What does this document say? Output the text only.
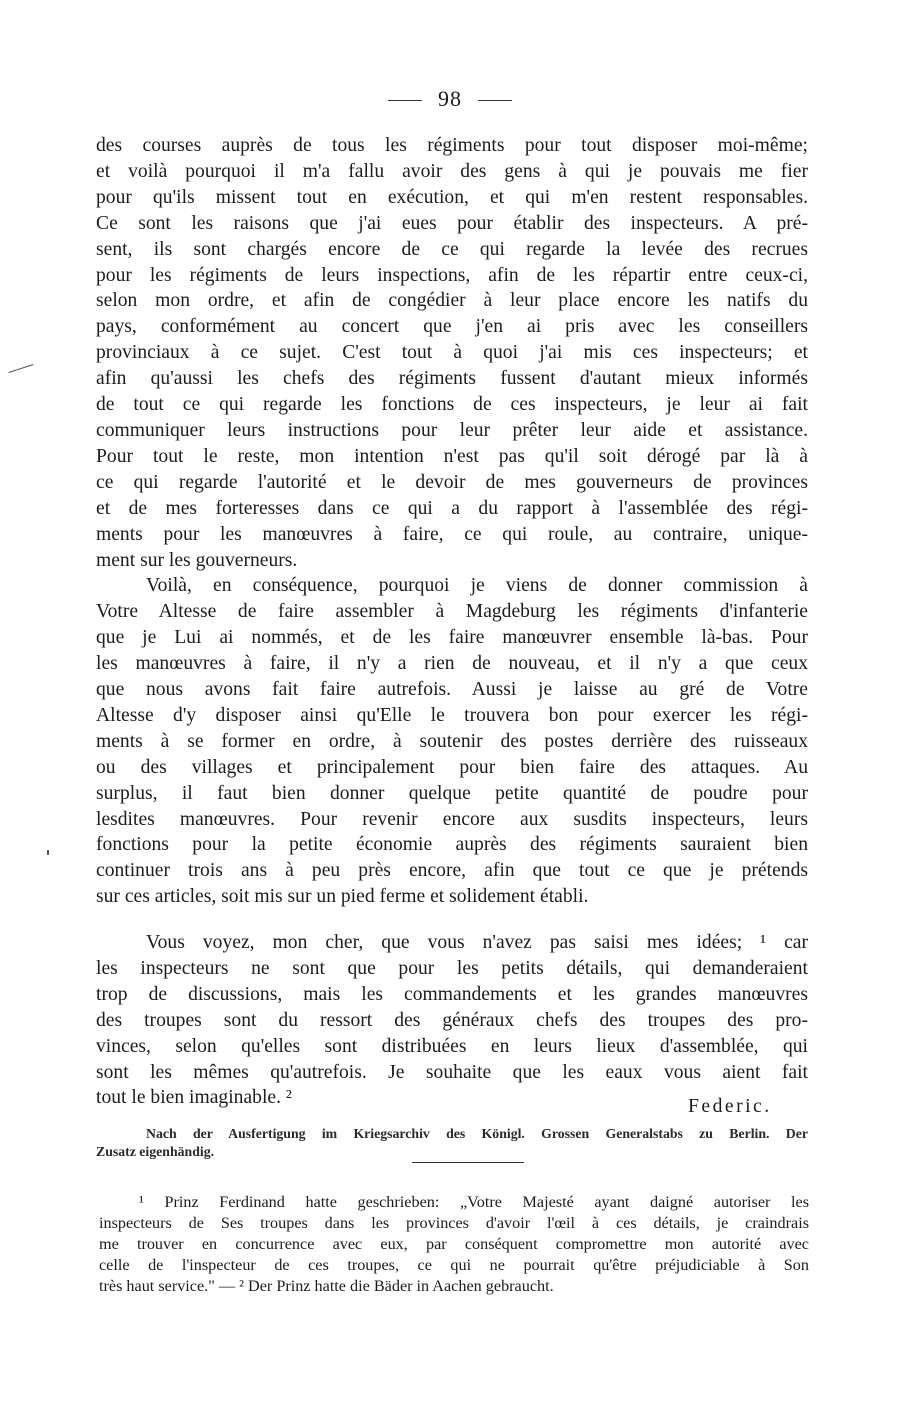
98
des courses auprès de tous les régiments pour tout disposer moi-même;
et voilà pourquoi il m'a fallu avoir des gens à qui je pouvais me fier
pour qu'ils missent tout en exécution, et qui m'en restent responsables.
Ce sont les raisons que j'ai eues pour établir des inspecteurs. A pré-
sent, ils sont chargés encore de ce qui regarde la levée des recrues
pour les régiments de leurs inspections, afin de les répartir entre ceux-ci,
selon mon ordre, et afin de congédier à leur place encore les natifs du
pays, conformément au concert que j'en ai pris avec les conseillers
provinciaux à ce sujet. C'est tout à quoi j'ai mis ces inspecteurs; et
afin qu'aussi les chefs des régiments fussent d'autant mieux informés
de tout ce qui regarde les fonctions de ces inspecteurs, je leur ai fait
communiquer leurs instructions pour leur prêter leur aide et assistance.
Pour tout le reste, mon intention n'est pas qu'il soit dérogé par là à
ce qui regarde l'autorité et le devoir de mes gouverneurs de provinces
et de mes forteresses dans ce qui a du rapport à l'assemblée des régi-
ments pour les manœuvres à faire, ce qui roule, au contraire, unique-
ment sur les gouverneurs.
Voilà, en conséquence, pourquoi je viens de donner commission à
Votre Altesse de faire assembler à Magdeburg les régiments d'infanterie
que je Lui ai nommés, et de les faire manœuvrer ensemble là-bas. Pour
les manœuvres à faire, il n'y a rien de nouveau, et il n'y a que ceux
que nous avons fait faire autrefois. Aussi je laisse au gré de Votre
Altesse d'y disposer ainsi qu'Elle le trouvera bon pour exercer les régi-
ments à se former en ordre, à soutenir des postes derrière des ruisseaux
ou des villages et principalement pour bien faire des attaques. Au
surplus, il faut bien donner quelque petite quantité de poudre pour
lesdites manœuvres. Pour revenir encore aux susdits inspecteurs, leurs
fonctions pour la petite économie auprès des régiments sauraient bien
continuer trois ans à peu près encore, afin que tout ce que je prétends
sur ces articles, soit mis sur un pied ferme et solidement établi.
Vous voyez, mon cher, que vous n'avez pas saisi mes idées; ¹ car
les inspecteurs ne sont que pour les petits détails, qui demanderaient
trop de discussions, mais les commandements et les grandes manœuvres
des troupes sont du ressort des généraux chefs des troupes des pro-
vinces, selon qu'elles sont distribuées en leurs lieux d'assemblée, qui
sont les mêmes qu'autrefois. Je souhaite que les eaux vous aient fait
tout le bien imaginable. ²	Federic.
Nach der Ausfertigung im Kriegsarchiv des Königl. Grossen Generalstabs zu Berlin. Der
Zusatz eigenhändig.
¹ Prinz Ferdinand hatte geschrieben: „Votre Majesté ayant daigné autoriser les
inspecteurs de Ses troupes dans les provinces d'avoir l'œil à ces détails, je craindrais
me trouver en concurrence avec eux, par conséquent compromettre mon autorité avec
celle de l'inspecteur de ces troupes, ce qui ne pourrait qu'être préjudiciable à Son
très haut service." — ² Der Prinz hatte die Bäder in Aachen gebraucht.
